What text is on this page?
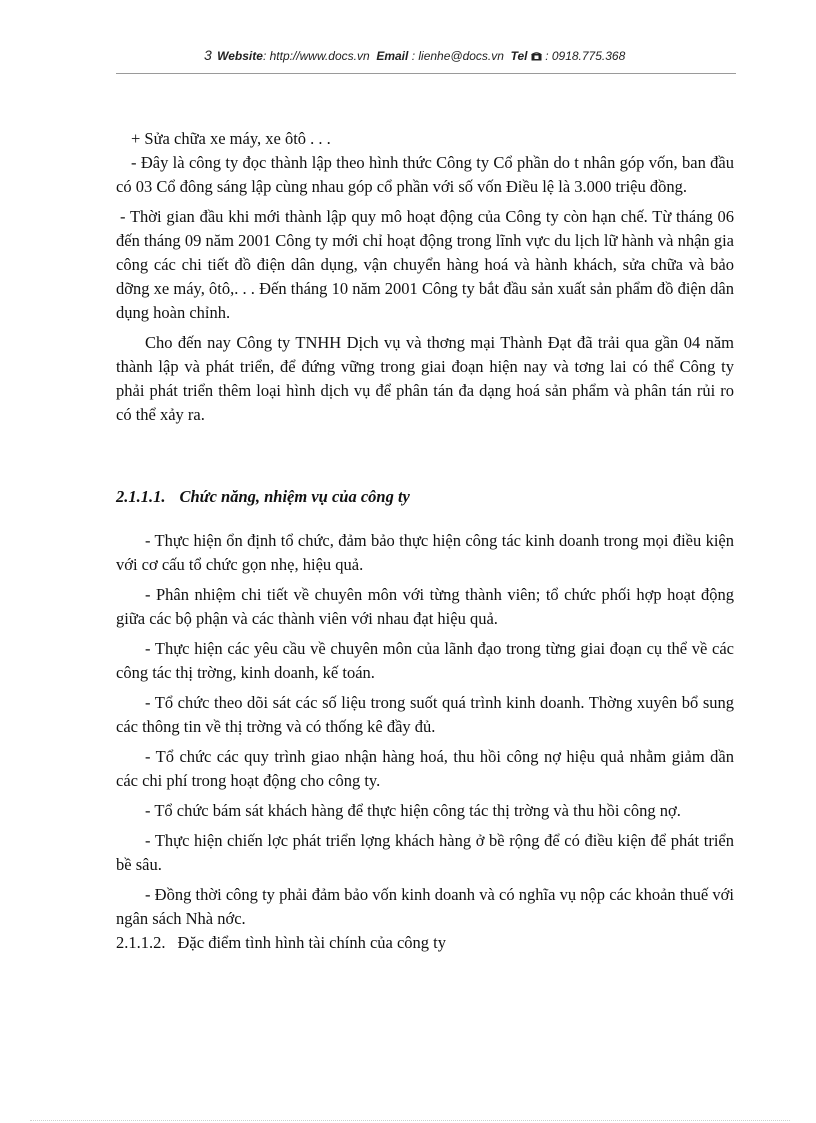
3 Website: http://www.docs.vn Email : lienhe@docs.vn Tel : 0918.775.368

+ Sửa chữa xe máy, xe ôtô . . .

- Đây là công ty đọc thành lập theo hình thức Công ty Cổ phần do t nhân góp vốn, ban đầu có 03 Cổ đông sáng lập cùng nhau góp cổ phần với số vốn Điều lệ là 3.000 triệu đồng.

- Thời gian đầu khi mới thành lập quy mô hoạt động của Công ty còn hạn chế. Từ tháng 06 đến tháng 09 năm 2001 Công ty mới chỉ hoạt động trong lĩnh vực du lịch lữ hành và nhận gia công các chi tiết đồ điện dân dụng, vận chuyển hàng hoá và hành khách, sửa chữa và bảo dỡng xe máy, ôtô,. . . Đến tháng 10 năm 2001 Công ty bắt đầu sản xuất sản phẩm đồ điện dân dụng hoàn chỉnh.

Cho đến nay Công ty TNHH Dịch vụ và thơng mại Thành Đạt đã trải qua gần 04 năm thành lập và phát triển, để đứng vững trong giai đoạn hiện nay và tơng lai có thể Công ty phải phát triển thêm loại hình dịch vụ để phân tán đa dạng hoá sản phẩm và phân tán rủi ro có thể xảy ra.

2.1.1.1. Chức năng, nhiệm vụ của công ty

- Thực hiện ổn định tổ chức, đảm bảo thực hiện công tác kinh doanh trong mọi điều kiện với cơ cấu tổ chức gọn nhẹ, hiệu quả.

- Phân nhiệm chi tiết về chuyên môn với từng thành viên; tổ chức phối hợp hoạt động giữa các bộ phận và các thành viên với nhau đạt hiệu quả.

- Thực hiện các yêu cầu về chuyên môn của lãnh đạo trong từng giai đoạn cụ thể về các công tác thị trờng, kinh doanh, kế toán.

- Tổ chức theo dõi sát các số liệu trong suốt quá trình kinh doanh. Thờng xuyên bổ sung các thông tin về thị trờng và có thống kê đầy đủ.

- Tổ chức các quy trình giao nhận hàng hoá, thu hồi công nợ hiệu quả nhằm giảm dần các chi phí trong hoạt động cho công ty.

- Tổ chức bám sát khách hàng để thực hiện công tác thị trờng và thu hồi công nợ.

- Thực hiện chiến lợc phát triển lợng khách hàng ở bề rộng để có điều kiện để phát triển bề sâu.

- Đồng thời công ty phải đảm bảo vốn kinh doanh và có nghĩa vụ nộp các khoản thuế với ngân sách Nhà nớc.

2.1.1.2. Đặc điểm tình hình tài chính của công ty
